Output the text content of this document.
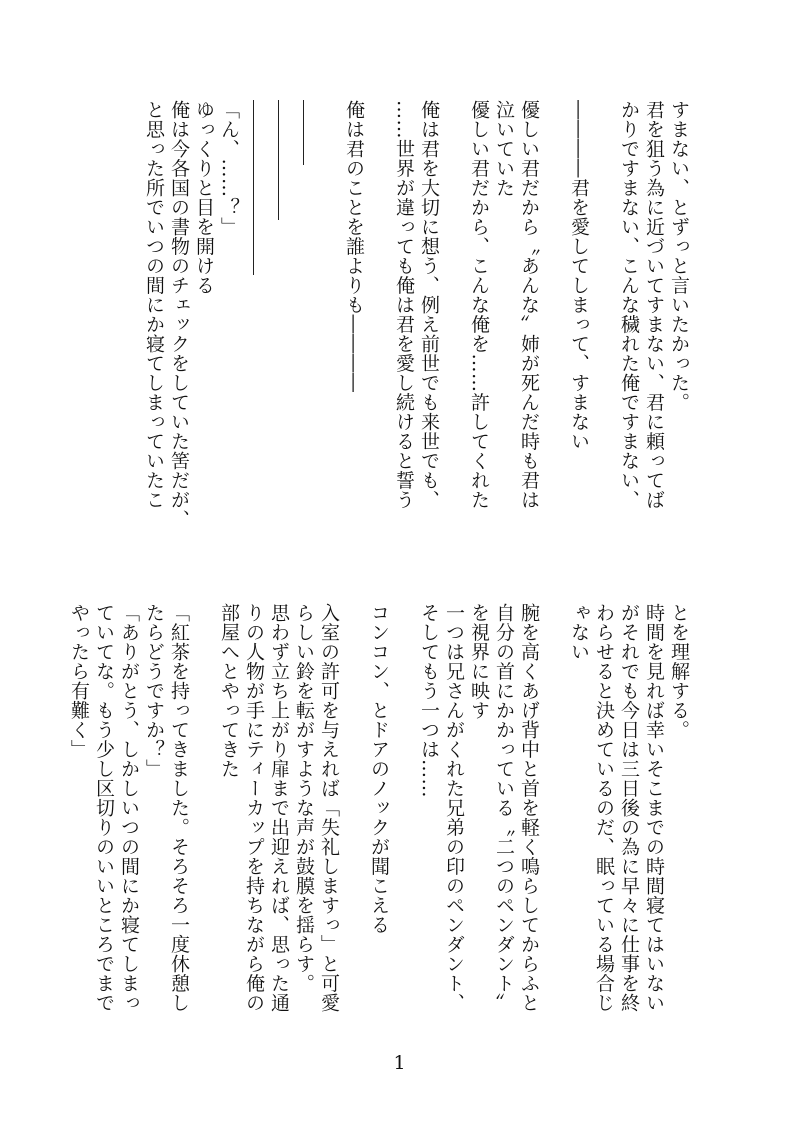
すまない、とずっと言いたかった。
君を狙う為に近づいてすまない、君に頼ってば
かりですまない、こんな穢れた俺ですまない、
――――君を愛してしまって、すまない
優しい君だから〝あんな〟姉が死んだ時も君は
泣いていた
優しい君だから、こんな俺を……許してくれた
俺は君を大切に想う、例え前世でも来世でも、
……世界が違っても俺は君を愛し続けると誓う
俺は君のことを誰よりも――――
「ん、……？」
ゆっくりと目を開ける
俺は今各国の書物のチェックをしていた筈だが、
と思った所でいつの間にか寝てしまっていたこ
とを理解する。
時間を見れば幸いそこまでの時間寝てはいない
がそれでも今日は三日後の為に早々に仕事を終
わらせると決めているのだ、眠っている場合じ
ゃない
腕を高くあげ背中と首を軽く鳴らしてからふと
自分の首にかかっている〝二つのペンダント〟
を視界に映す
一つは兄さんがくれた兄弟の印のペンダント、
そしてもう一つは……
コンコン、とドアのノックが聞こえる
入室の許可を与えれば「失礼しますっ」と可愛
らしい鈴を転がすような声が鼓膜を揺らす。
思わず立ち上がり扉まで出迎えれば、思った通
りの人物が手にティーカップを持ちながら俺の
部屋へとやってきた
「紅茶を持ってきました。そろそろ一度休憩し
たらどうですか？」
「ありがとう、しかしいつの間にか寝てしまっ
ていてな。もう少し区切りのいいところでまで
やったら有難く」
1
